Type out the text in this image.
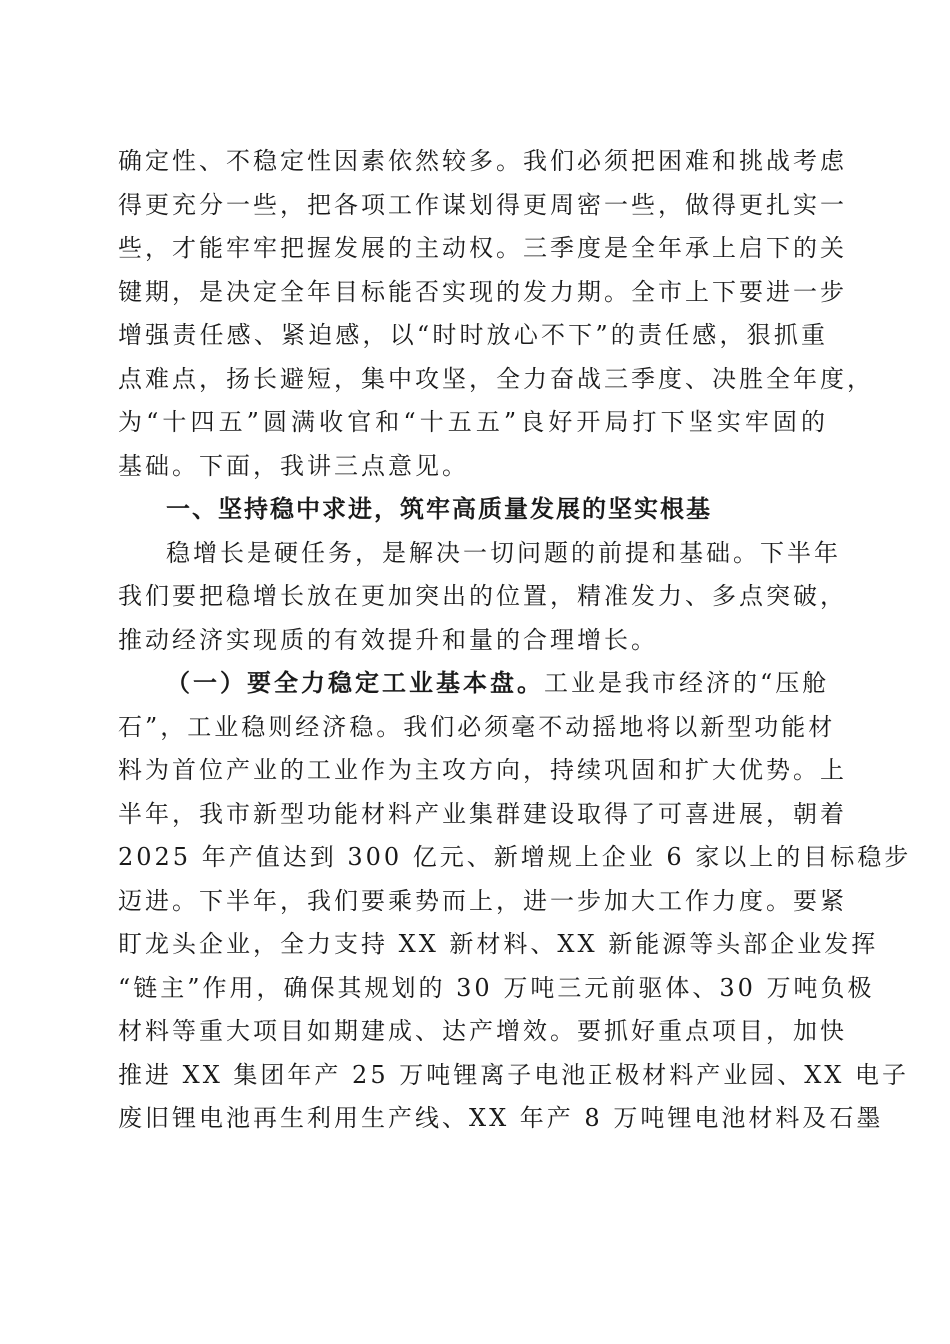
确定性、不稳定性因素依然较多。我们必须把困难和挑战考虑
得更充分一些，把各项工作谋划得更周密一些，做得更扎实一
些，才能牢牢把握发展的主动权。三季度是全年承上启下的关
键期，是决定全年目标能否实现的发力期。全市上下要进一步
增强责任感、紧迫感，以“时时放心不下”的责任感，狠抓重
点难点，扬长避短，集中攻坚，全力奋战三季度、决胜全年度，
为“十四五”圆满收官和“十五五”良好开局打下坚实牢固的
基础。下面，我讲三点意见。
一、坚持稳中求进，筑牢高质量发展的坚实根基
稳增长是硬任务，是解决一切问题的前提和基础。下半年
我们要把稳增长放在更加突出的位置，精准发力、多点突破，
推动经济实现质的有效提升和量的合理增长。
（一）要全力稳定工业基本盘。工业是我市经济的“压舱
石”，工业稳则经济稳。我们必须毫不动摇地将以新型功能材
料为首位产业的工业作为主攻方向，持续巩固和扩大优势。上
半年，我市新型功能材料产业集群建设取得了可喜进展，朝着
2025 年产值达到 300 亿元、新增规上企业 6 家以上的目标稳步
迈进。下半年，我们要乘势而上，进一步加大工作力度。要紧
盯龙头企业，全力支持 XX 新材料、XX 新能源等头部企业发挥
“链主”作用，确保其规划的 30 万吨三元前驱体、30 万吨负极
材料等重大项目如期建成、达产增效。要抓好重点项目，加快
推进 XX 集团年产 25 万吨锂离子电池正极材料产业园、XX 电子
废旧锂电池再生利用生产线、XX 年产 8 万吨锂电池材料及石墨
